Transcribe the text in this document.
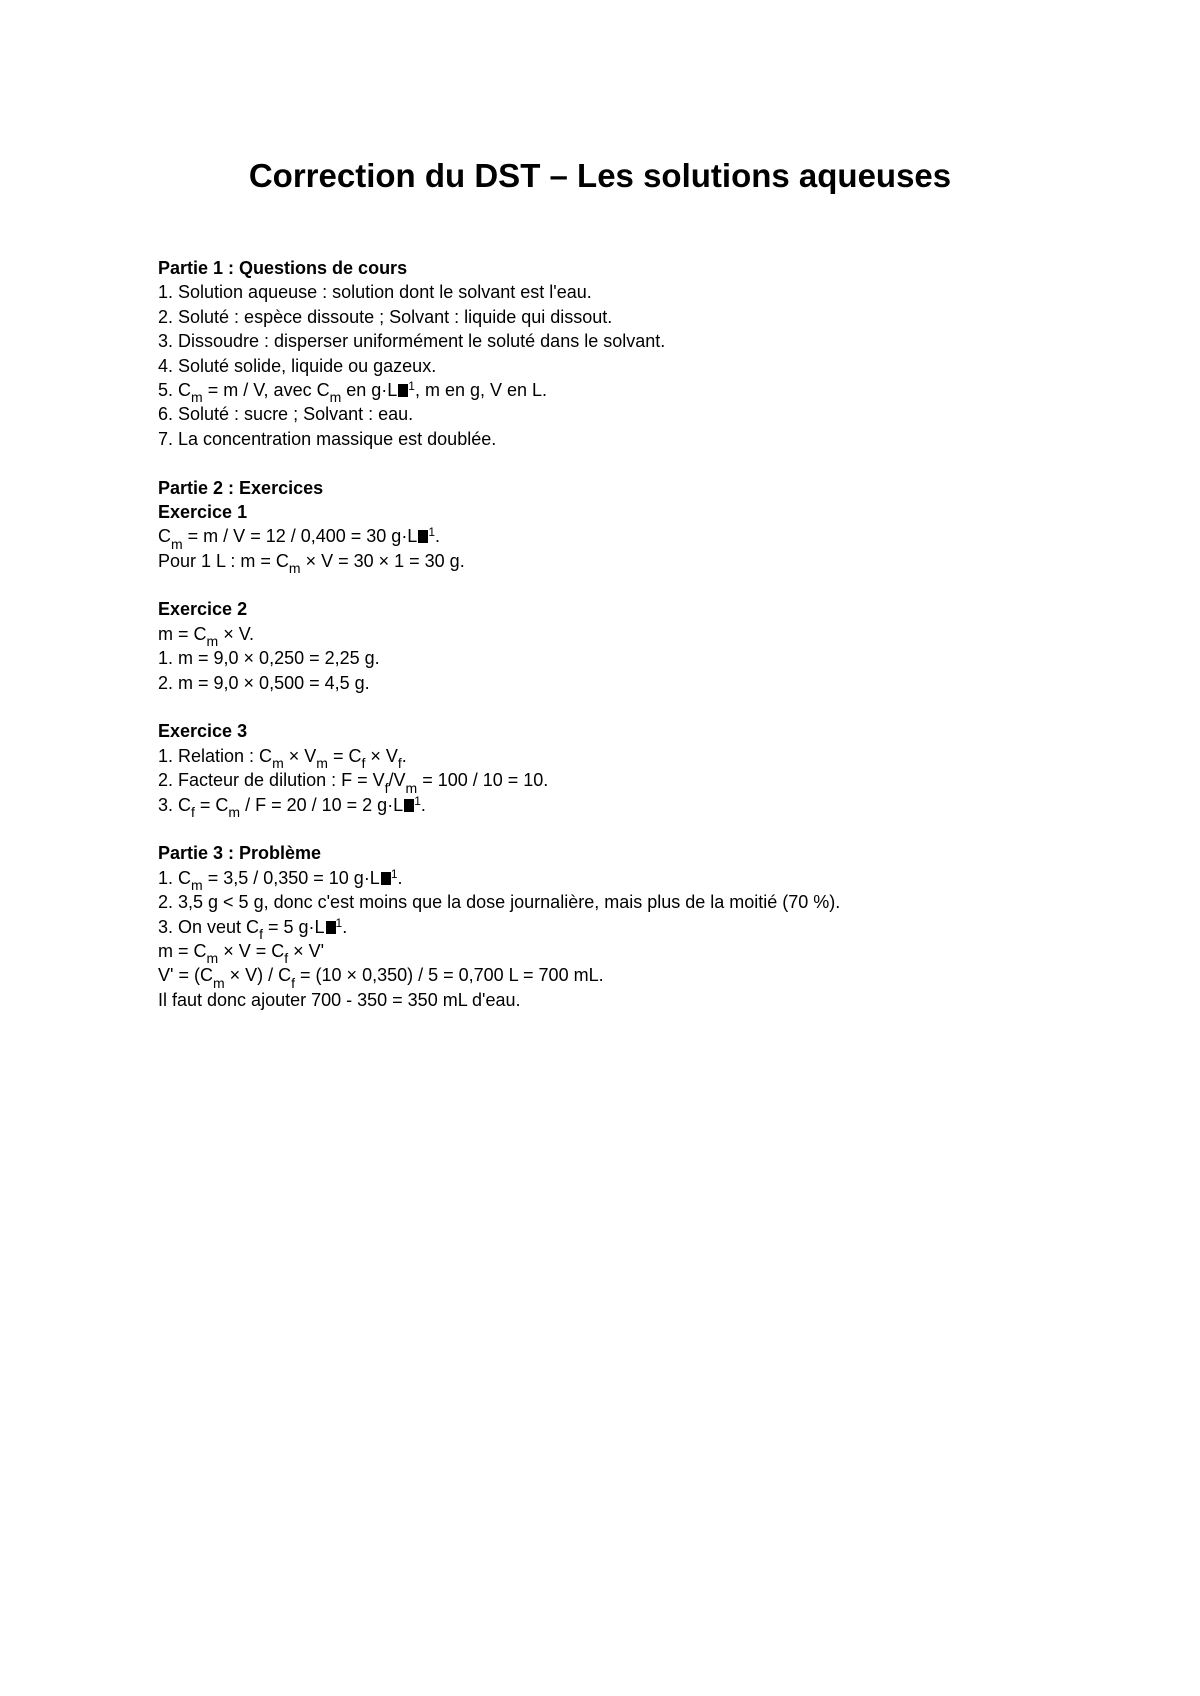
Correction du DST – Les solutions aqueuses
Partie 1 : Questions de cours
1. Solution aqueuse : solution dont le solvant est l'eau.
2. Soluté : espèce dissoute ; Solvant : liquide qui dissout.
3. Dissoudre : disperser uniformément le soluté dans le solvant.
4. Soluté solide, liquide ou gazeux.
5. $C_m = m / V$, avec $C_m$ en g·L $^1$, m en g, V en L.
6. Soluté : sucre ; Solvant : eau.
7. La concentration massique est doublée.
Partie 2 : Exercices
Exercice 1
$C_m = m / V = 12 / 0,400 = 30$ g·L $^1$.
Pour 1 L : $m = C_m \times V = 30 \times 1 = 30$ g.
Exercice 2
$m = C_m \times V$.
1. m = 9,0 × 0,250 = 2,25 g.
2. m = 9,0 × 0,500 = 4,5 g.
Exercice 3
1. Relation : $C_m \times V_m = C_f \times V_f$.
2. Facteur de dilution : $F = V_f/V_m = 100 / 10 = 10$.
3. $C_f = C_m / F = 20 / 10 = 2$ g·L $^1$.
Partie 3 : Problème
1. $C_m = 3,5 / 0,350 = 10$ g·L $^1$.
2. 3,5 g < 5 g, donc c'est moins que la dose journalière, mais plus de la moitié (70 %).
3. On veut $C_f = 5$ g·L $^1$.
$m = C_m \times V = C_f \times V'$
$V' = (C_m \times V) / C_f = (10 \times 0,350) / 5 = 0,700$ L = 700 mL.
Il faut donc ajouter 700 - 350 = 350 mL d'eau.
